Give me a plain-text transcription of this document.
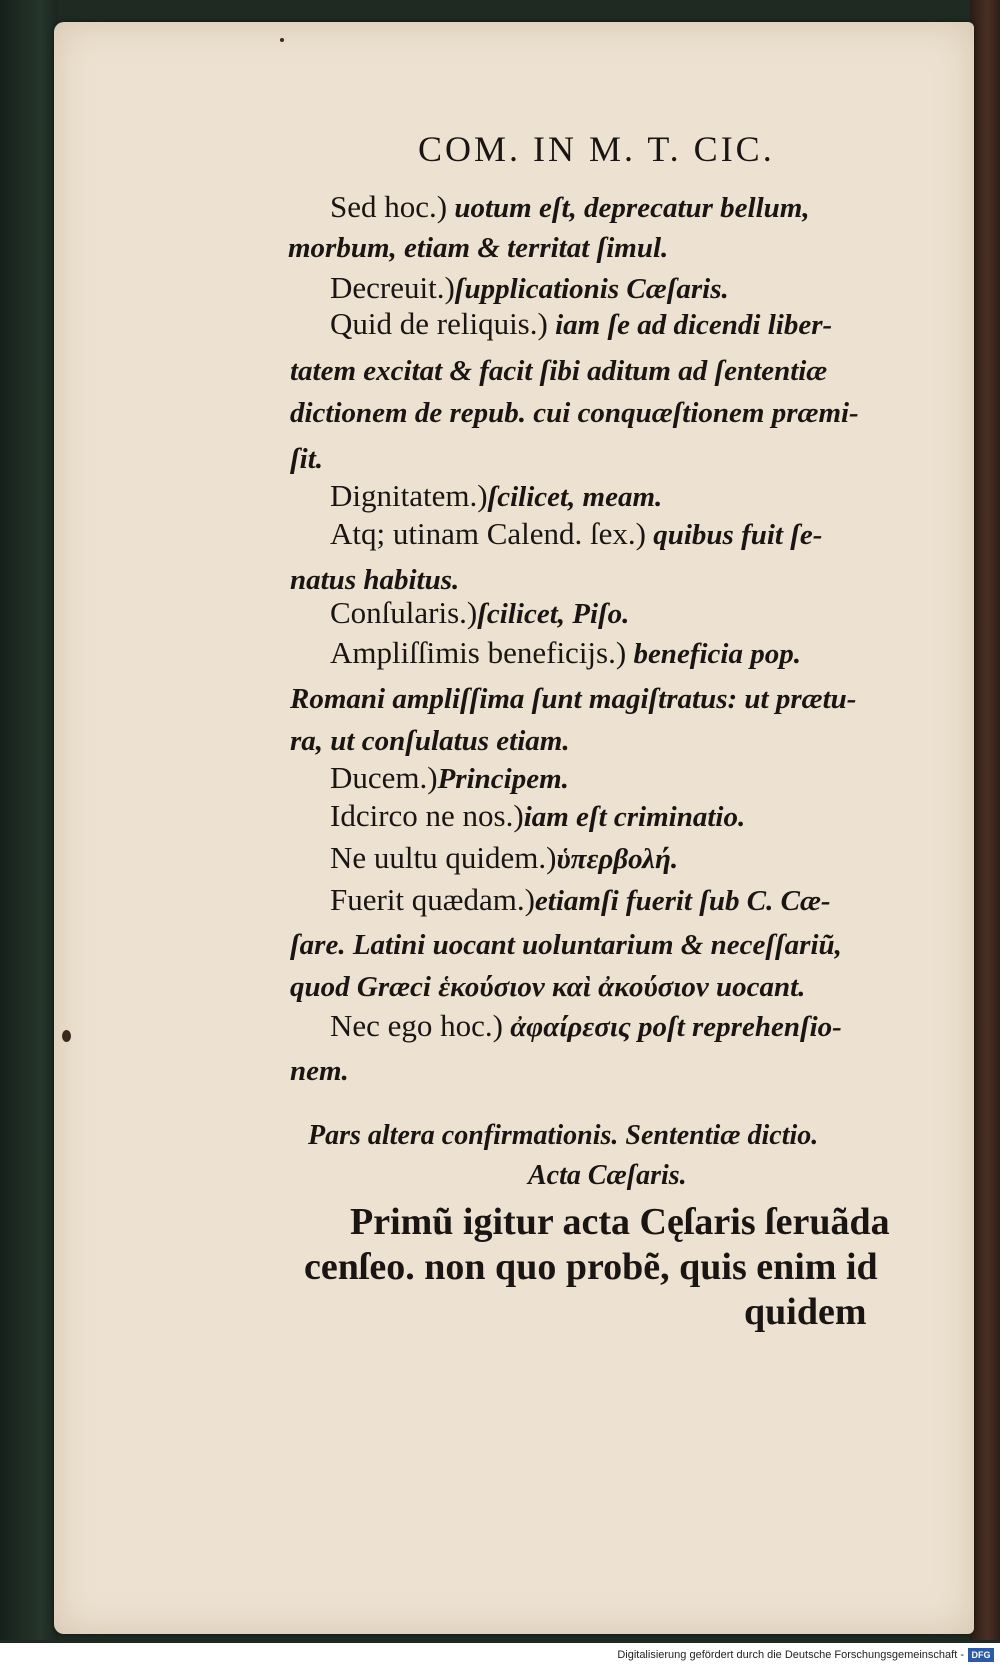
COM. IN M. T. CIC.
Sed hoc.) uotum eſt, deprecatur bellum,
morbum, etiam & territat ſimul.
Decreuit.)ſupplicationis Cæſaris.
Quid de reliquis.) iam ſe ad dicendi liber-
tatem excitat & facit ſibi aditum ad ſententiæ
dictionem de repub. cui conquæſtionem præmi-
ſit.
Dignitatem.)ſcilicet, meam.
Atq; utinam Calend. ſex.) quibus fuit ſe-
natus habitus.
Conſularis.)ſcilicet, Piſo.
Ampliſſimis beneficijs.) beneficia pop.
Romani ampliſſima ſunt magiſtratus: ut prætu-
ra, ut conſulatus etiam.
Ducem.)Principem.
Idcirco ne nos.)iam eſt criminatio.
Ne uultu quidem.)ὑπερβολή.
Fuerit quædam.)etiamſi fuerit ſub C. Cæ-
ſare. Latini uocant uoluntarium & neceſſariũ,
quod Græci ἑκούσιον καὶ ἀκούσιον uocant.
Nec ego hoc.) ἀφαίρεσις poſt reprehenſio-
nem.
Pars altera confirmationis. Sententiæ dictio.
Acta Cæſaris.
Primũ igitur acta Cęſaris ſeruãda
cenſeo. non quo probẽ, quis enim id
quidem
Digitalisierung gefördert durch die Deutsche Forschungsgemeinschaft - DFG
